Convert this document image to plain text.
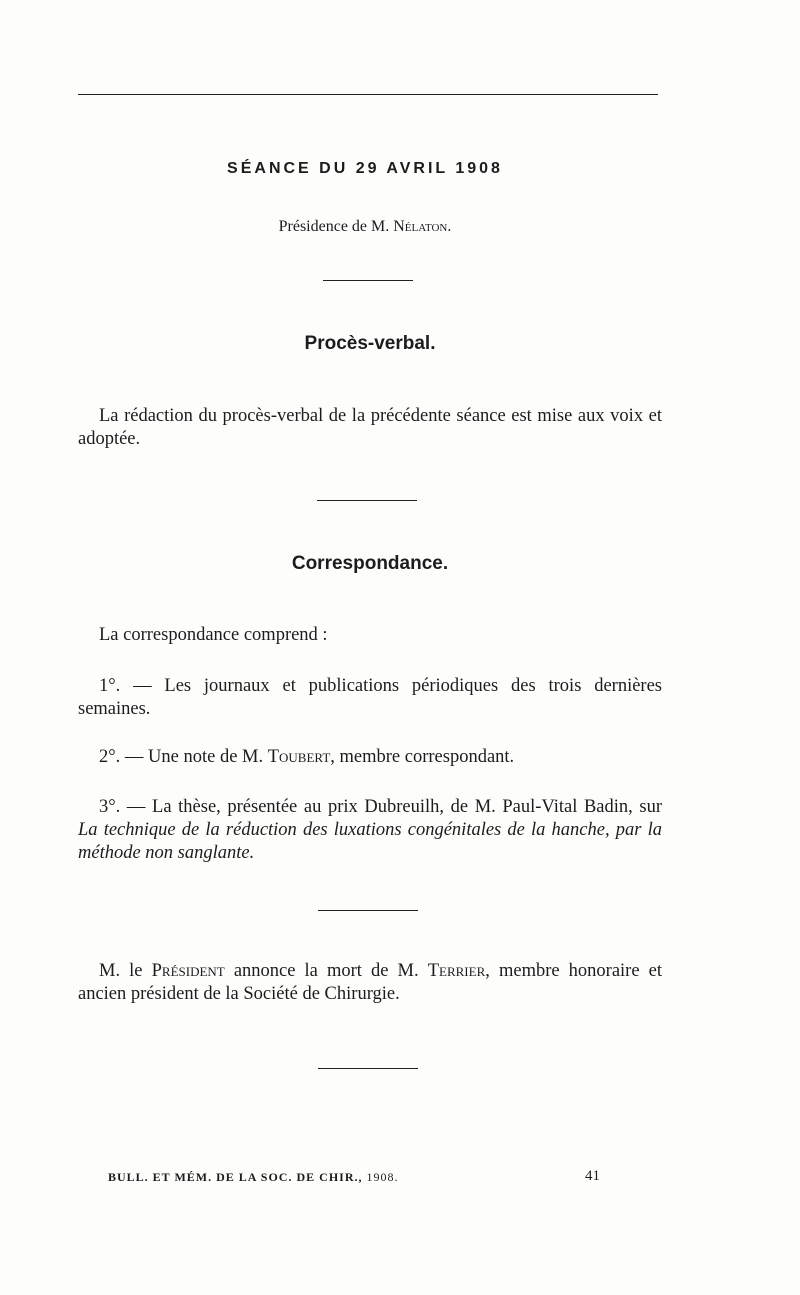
SÉANCE DU 29 AVRIL 1908
Présidence de M. Nélaton.
Procès-verbal.
La rédaction du procès-verbal de la précédente séance est mise aux voix et adoptée.
Correspondance.
La correspondance comprend :
1°. — Les journaux et publications périodiques des trois dernières semaines.
2°. — Une note de M. Toubert, membre correspondant.
3°. — La thèse, présentée au prix Dubreuilh, de M. Paul-Vital Badin, sur La technique de la réduction des luxations congénitales de la hanche, par la méthode non sanglante.
M. le Président annonce la mort de M. Terrier, membre honoraire et ancien président de la Société de Chirurgie.
BULL. ET MÉM. DE LA SOC. DE CHIR., 1908.	41
